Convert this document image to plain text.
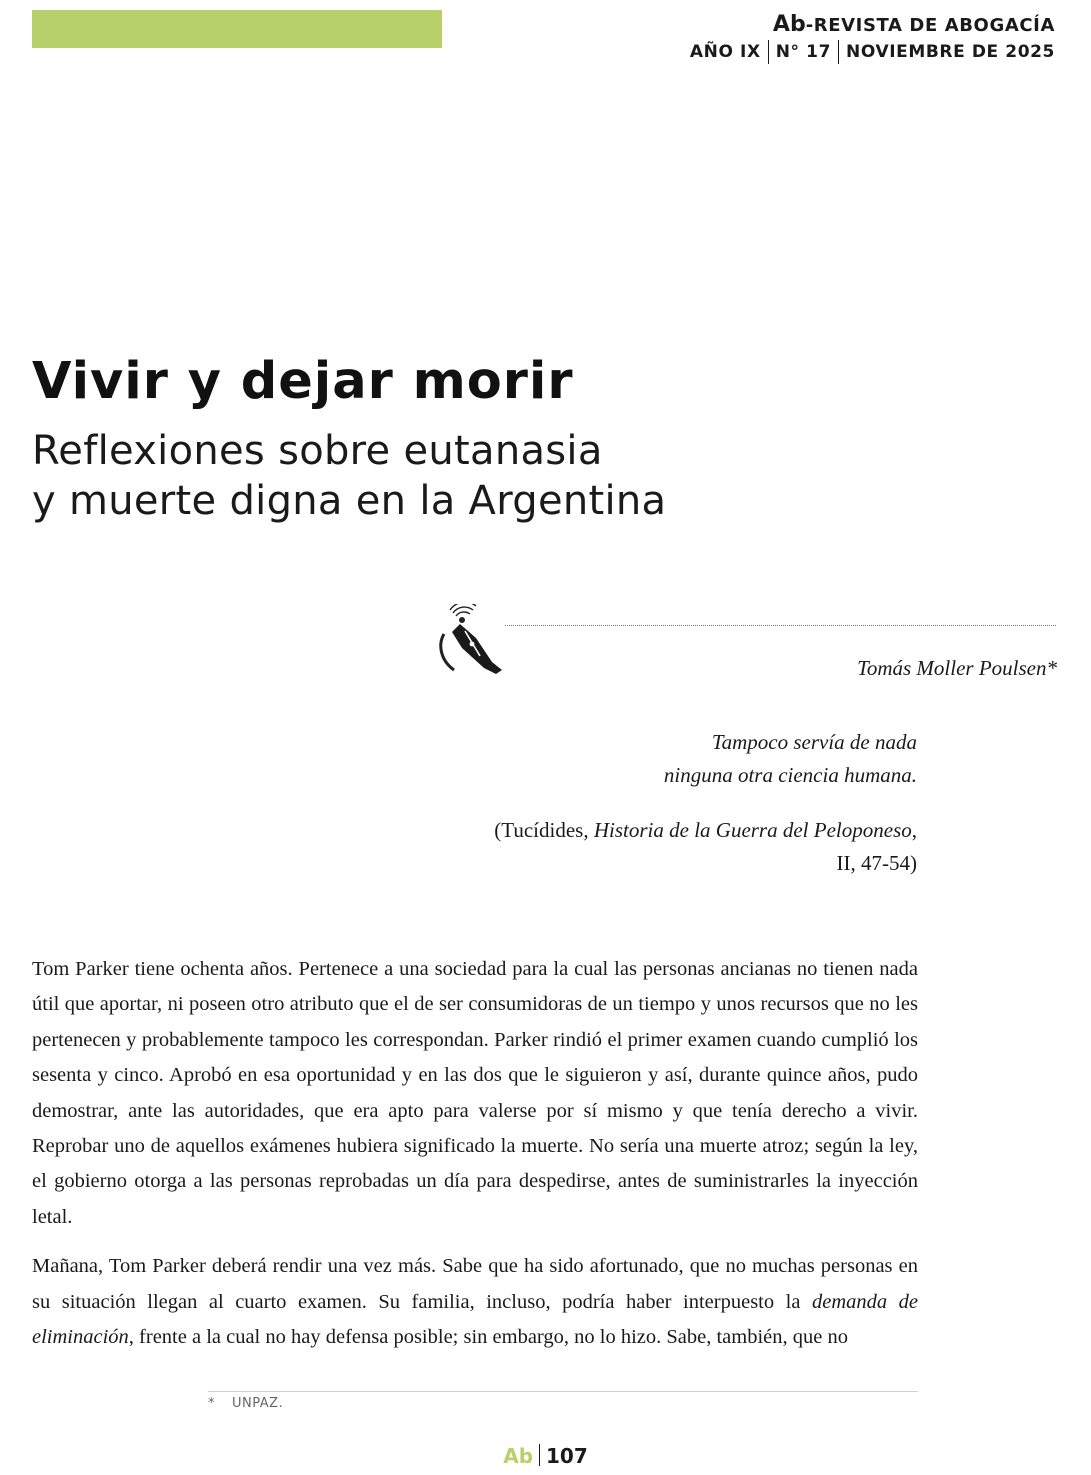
Ab-REVISTA DE ABOGACÍA
AÑO IX N° 17 NOVIEMBRE DE 2025
Vivir y dejar morir
Reflexiones sobre eutanasia
y muerte digna en la Argentina
Tomás Moller Poulsen*
Tampoco servía de nada
ninguna otra ciencia humana.
(Tucídides, Historia de la Guerra del Peloponeso,
II, 47-54)

Tom Parker tiene ochenta años. Pertenece a una sociedad para la cual las personas ancianas no tienen nada útil que aportar, ni poseen otro atributo que el de ser consumidoras de un tiempo y unos recursos que no les pertenecen y probablemente tampoco les correspondan. Parker rindió el primer examen cuando cumplió los sesenta y cinco. Aprobó en esa oportunidad y en las dos que le siguieron y así, durante quince años, pudo demostrar, ante las autoridades, que era apto para valerse por sí mismo y que tenía derecho a vivir. Reprobar uno de aquellos exámenes hubiera significado la muerte. No sería una muerte atroz; según la ley, el gobierno otorga a las personas reprobadas un día para despedirse, antes de suministrarles la inyección letal.

Mañana, Tom Parker deberá rendir una vez más. Sabe que ha sido afortunado, que no muchas personas en su situación llegan al cuarto examen. Su familia, incluso, podría haber interpuesto la demanda de eliminación, frente a la cual no hay defensa posible; sin embargo, no lo hizo. Sabe, también, que no

* UNPAZ.
Ab 107
